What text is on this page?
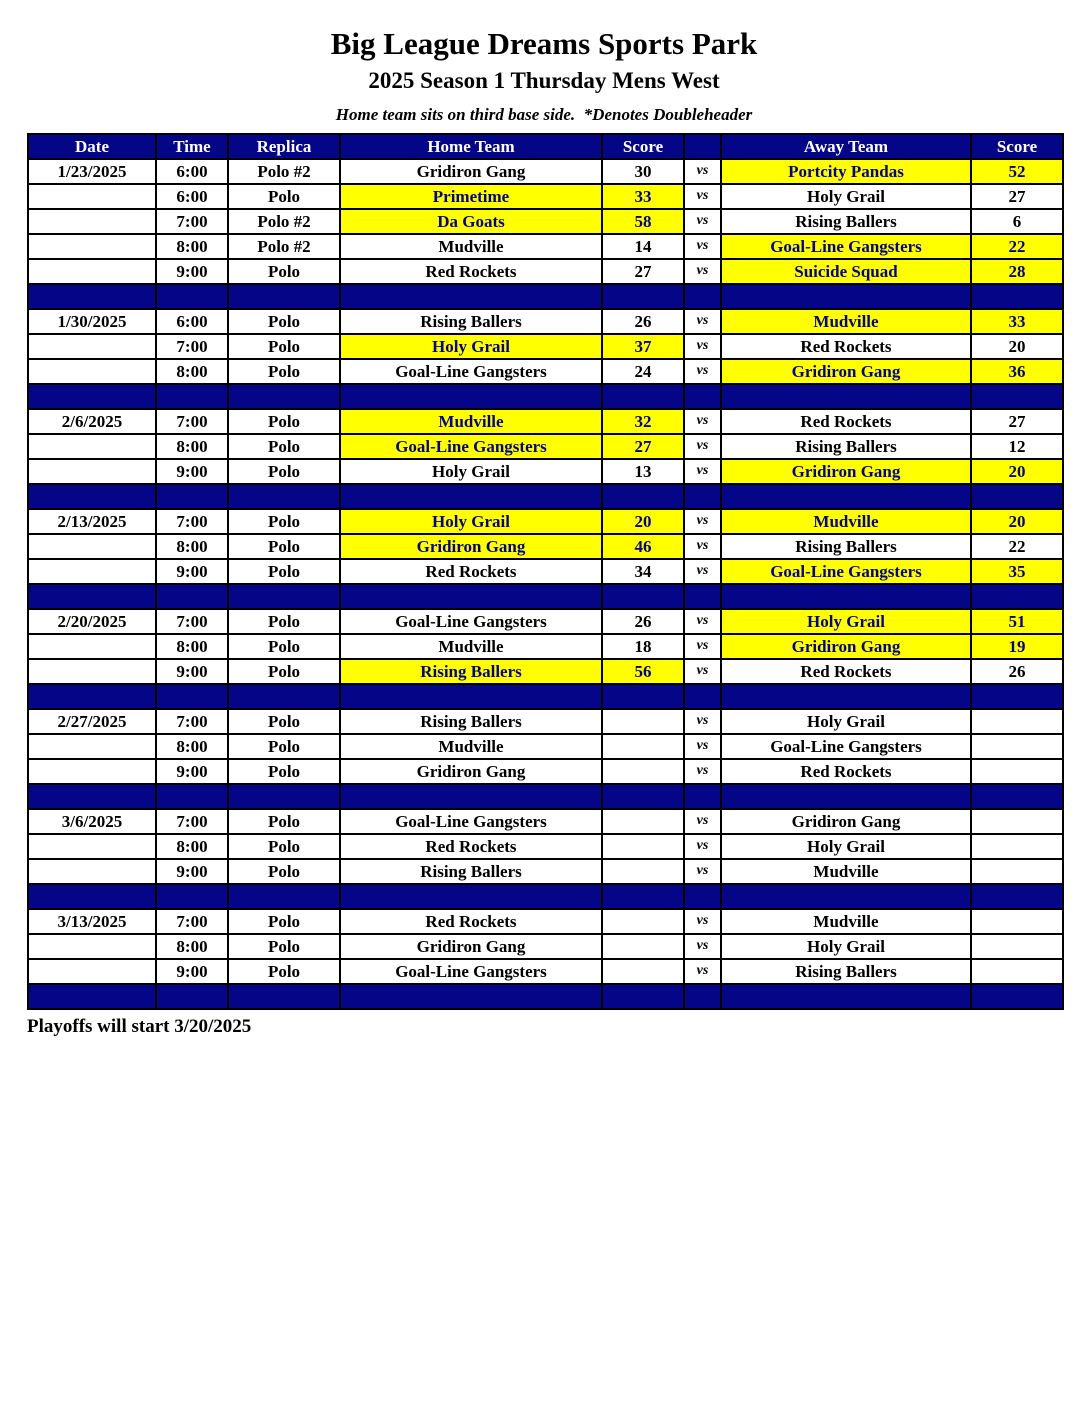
Big League Dreams Sports Park
2025 Season 1 Thursday Mens West

Home team sits on third base side.  *Denotes Doubleheader

Date	Time	Replica	Home Team	Score		Away Team	Score
1/23/2025	6:00	Polo #2	Gridiron Gang	30	vs	Portcity Pandas	52
	6:00	Polo	Primetime	33	vs	Holy Grail	27
	7:00	Polo #2	Da Goats	58	vs	Rising Ballers	6
	8:00	Polo #2	Mudville	14	vs	Goal-Line Gangsters	22
	9:00	Polo	Red Rockets	27	vs	Suicide Squad	28

1/30/2025	6:00	Polo	Rising Ballers	26	vs	Mudville	33
	7:00	Polo	Holy Grail	37	vs	Red Rockets	20
	8:00	Polo	Goal-Line Gangsters	24	vs	Gridiron Gang	36

2/6/2025	7:00	Polo	Mudville	32	vs	Red Rockets	27
	8:00	Polo	Goal-Line Gangsters	27	vs	Rising Ballers	12
	9:00	Polo	Holy Grail	13	vs	Gridiron Gang	20

2/13/2025	7:00	Polo	Holy Grail	20	vs	Mudville	20
	8:00	Polo	Gridiron Gang	46	vs	Rising Ballers	22
	9:00	Polo	Red Rockets	34	vs	Goal-Line Gangsters	35

2/20/2025	7:00	Polo	Goal-Line Gangsters	26	vs	Holy Grail	51
	8:00	Polo	Mudville	18	vs	Gridiron Gang	19
	9:00	Polo	Rising Ballers	56	vs	Red Rockets	26

2/27/2025	7:00	Polo	Rising Ballers		vs	Holy Grail	
	8:00	Polo	Mudville		vs	Goal-Line Gangsters	
	9:00	Polo	Gridiron Gang		vs	Red Rockets	

3/6/2025	7:00	Polo	Goal-Line Gangsters		vs	Gridiron Gang	
	8:00	Polo	Red Rockets		vs	Holy Grail	
	9:00	Polo	Rising Ballers		vs	Mudville	

3/13/2025	7:00	Polo	Red Rockets		vs	Mudville	
	8:00	Polo	Gridiron Gang		vs	Holy Grail	
	9:00	Polo	Goal-Line Gangsters		vs	Rising Ballers	

Playoffs will start 3/20/2025
